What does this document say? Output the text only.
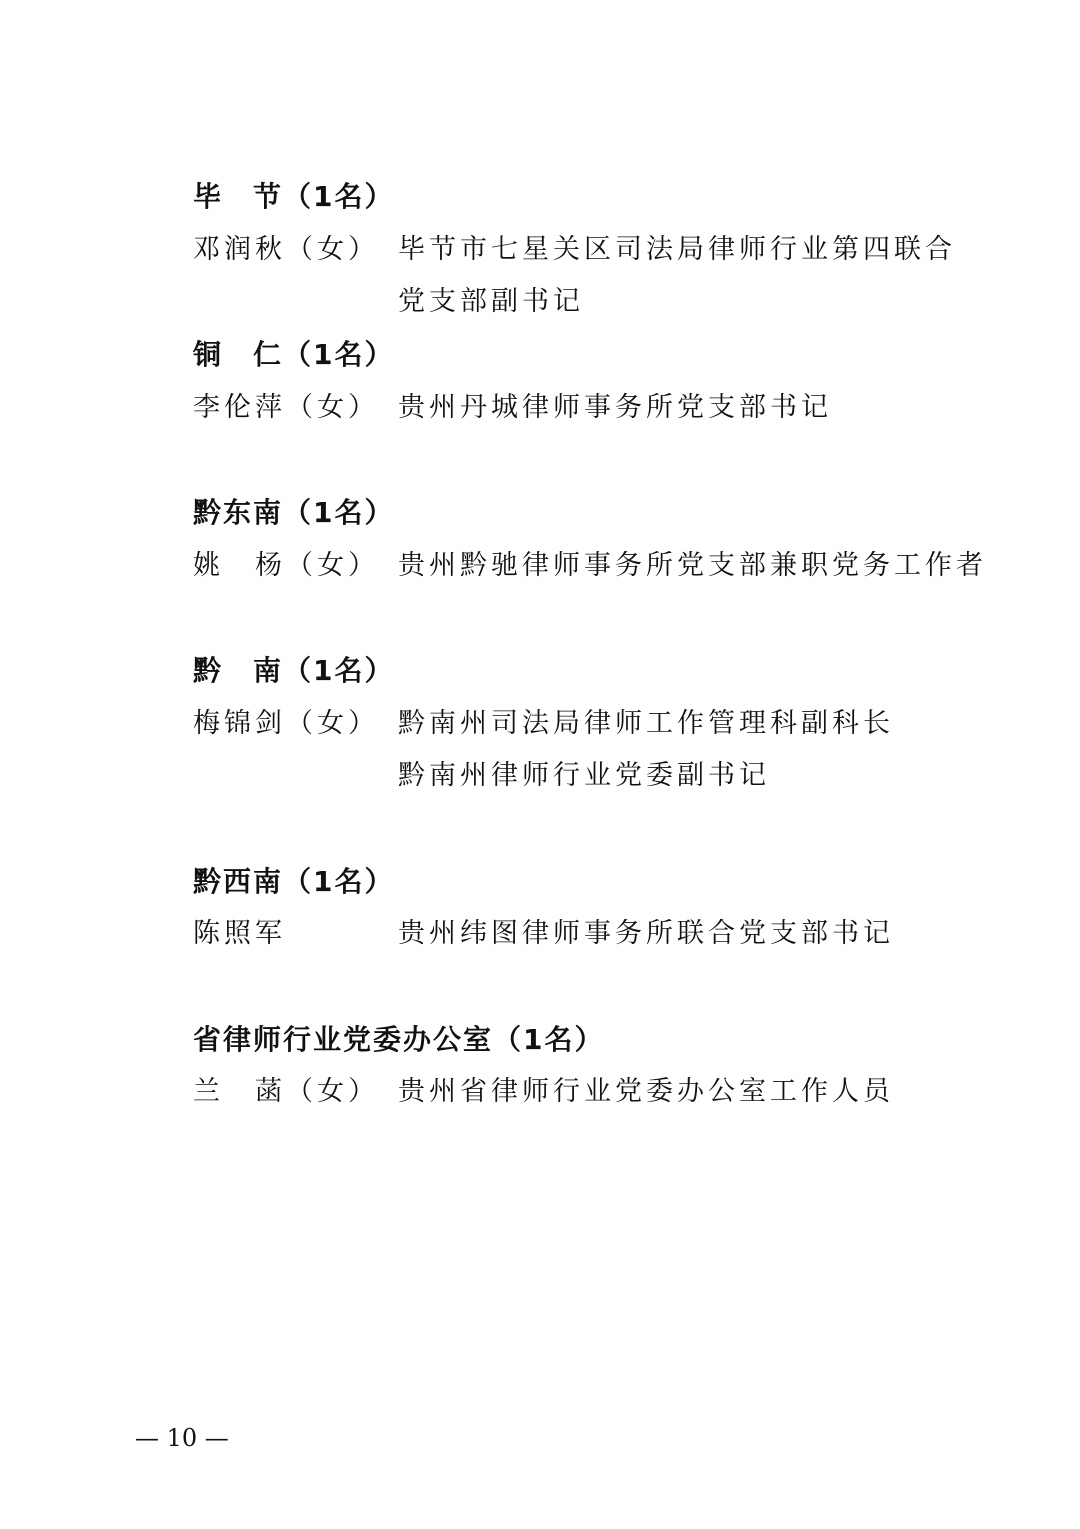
毕　节（1名）
邓润秋（女） 毕节市七星关区司法局律师行业第四联合
党支部副书记
铜　仁（1名）
李伦萍（女） 贵州丹城律师事务所党支部书记
黔东南（1名）
姚　杨（女） 贵州黔驰律师事务所党支部兼职党务工作者
黔　南（1名）
梅锦剑（女） 黔南州司法局律师工作管理科副科长
黔南州律师行业党委副书记
黔西南（1名）
陈照军	贵州纬图律师事务所联合党支部书记
省律师行业党委办公室（1名）
兰　菡（女） 贵州省律师行业党委办公室工作人员
— 10 —
